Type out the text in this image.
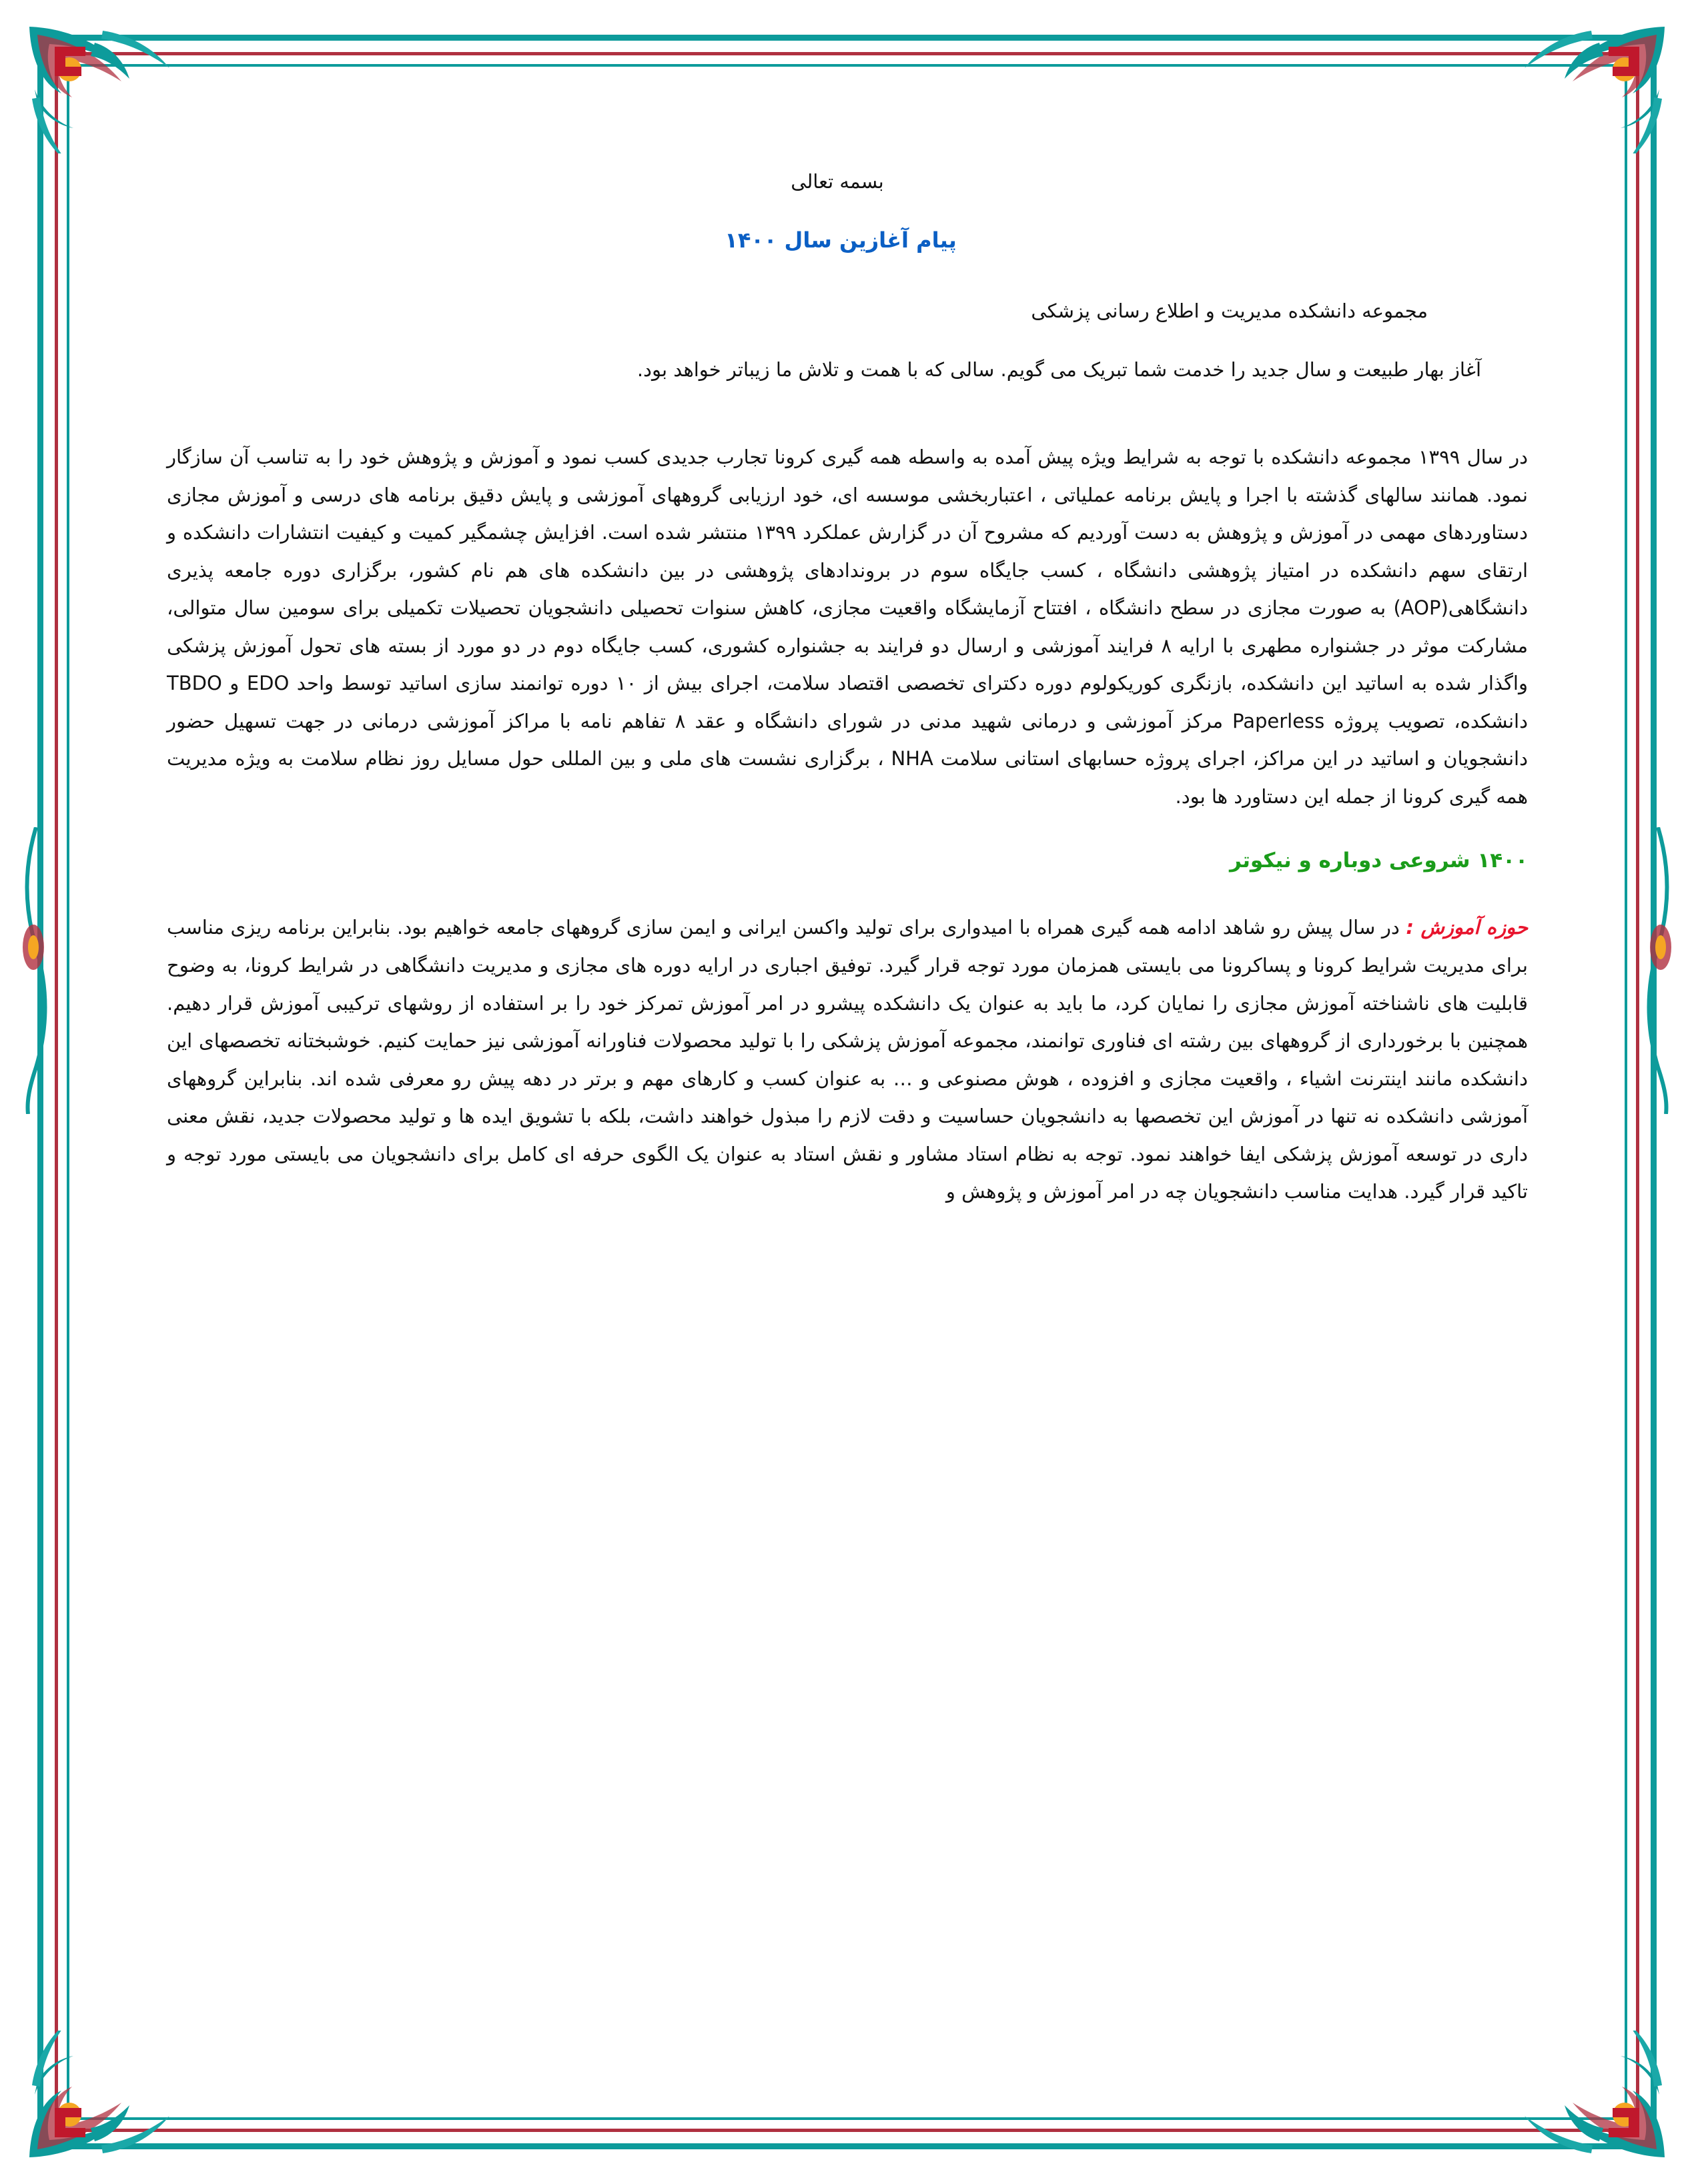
بسمه تعالی
پیام آغازین سال ۱۴۰۰
مجموعه دانشکده مدیریت و اطلاع رسانی پزشکی
آغاز بهار طبیعت و سال جدید را خدمت شما تبریک می گویم. سالی که با همت و تلاش ما زیباتر خواهد بود.

در سال ۱۳۹۹ مجموعه دانشکده با توجه به شرایط ویژه پیش آمده به واسطه همه گیری کرونا تجارب جدیدی کسب نمود و آموزش و پژوهش خود را به تناسب آن سازگار نمود. همانند سالهای گذشته با اجرا و پایش برنامه عملیاتی ، اعتباربخشی موسسه ای، خود ارزیابی گروههای آموزشی و پایش دقیق برنامه های درسی و آموزش مجازی دستاوردهای مهمی در آموزش و پژوهش به دست آوردیم که مشروح آن در گزارش عملکرد ۱۳۹۹ منتشر شده است. افزایش چشمگیر کمیت و کیفیت انتشارات دانشکده و ارتقای سهم دانشکده در امتیاز پژوهشی دانشگاه ، کسب جایگاه سوم در بروندادهای پژوهشی در بین دانشکده های هم نام کشور، برگزاری دوره جامعه پذیری دانشگاهی(AOP) به صورت مجازی در سطح دانشگاه ، افتتاح آزمایشگاه واقعیت مجازی، کاهش سنوات تحصیلی دانشجویان تحصیلات تکمیلی برای سومین سال متوالی، مشارکت موثر در جشنواره مطهری با ارایه ۸ فرایند آموزشی و ارسال دو فرایند به جشنواره کشوری، کسب جایگاه دوم در دو مورد از بسته های تحول آموزش پزشکی واگذار شده به اساتید این دانشکده، بازنگری کوریکولوم دوره دکترای تخصصی اقتصاد سلامت، اجرای بیش از ۱۰ دوره توانمند سازی اساتید توسط واحد EDO و TBDO دانشکده، تصویب پروژه Paperless مرکز آموزشی و درمانی شهید مدنی در شورای دانشگاه و عقد ۸ تفاهم نامه با مراکز آموزشی درمانی در جهت تسهیل حضور دانشجویان و اساتید در این مراکز، اجرای پروژه حسابهای استانی سلامت NHA ، برگزاری نشست های ملی و بین المللی حول مسایل روز نظام سلامت به ویژه مدیریت همه گیری کرونا از جمله این دستاورد ها بود.

۱۴۰۰ شروعی دوباره و نیکوتر

حوزه آموزش : در سال پیش رو شاهد ادامه همه گیری همراه با امیدواری برای تولید واکسن ایرانی و ایمن سازی گروههای جامعه خواهیم بود. بنابراین برنامه ریزی مناسب برای مدیریت شرایط کرونا و پساکرونا می بایستی همزمان مورد توجه قرار گیرد. توفیق اجباری در ارایه دوره های مجازی و مدیریت دانشگاهی در شرایط کرونا، به وضوح قابلیت های ناشناخته آموزش مجازی را نمایان کرد، ما باید به عنوان یک دانشکده پیشرو در امر آموزش تمرکز خود را بر استفاده از روشهای ترکیبی آموزش قرار دهیم. همچنین با برخورداری از گروههای بین رشته ای فناوری توانمند، مجموعه آموزش پزشکی را با تولید محصولات فناورانه آموزشی نیز حمایت کنیم. خوشبختانه تخصصهای این دانشکده مانند اینترنت اشیاء ، واقعیت مجازی و افزوده ، هوش مصنوعی و … به عنوان کسب و کارهای مهم و برتر در دهه پیش رو معرفی شده اند. بنابراین گروههای آموزشی دانشکده نه تنها در آموزش این تخصصها به دانشجویان حساسیت و دقت لازم را مبذول خواهند داشت، بلکه با تشویق ایده ها و تولید محصولات جدید، نقش معنی داری در توسعه آموزش پزشکی ایفا خواهند نمود. توجه به نظام استاد مشاور و نقش استاد به عنوان یک الگوی حرفه ای کامل برای دانشجویان می بایستی مورد توجه و تاکید قرار گیرد. هدایت مناسب دانشجویان چه در امر آموزش و پژوهش و
